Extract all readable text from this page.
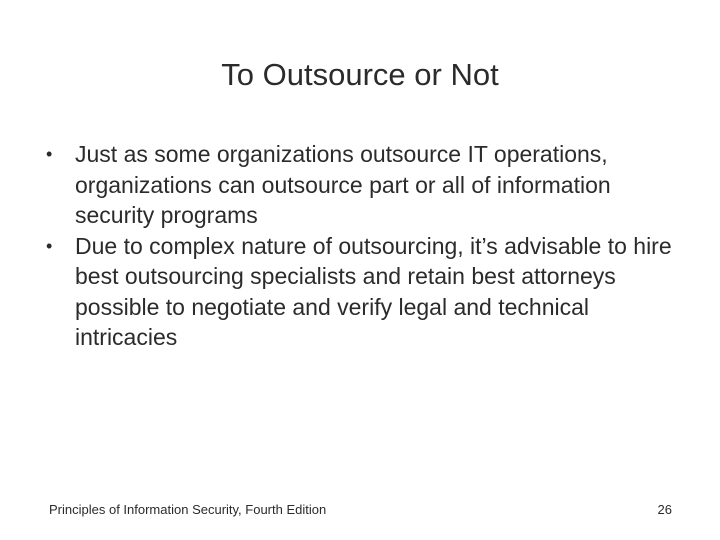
To Outsource or Not
• Just as some organizations outsource IT operations, organizations can outsource part or all of information security programs
• Due to complex nature of outsourcing, it’s advisable to hire best outsourcing specialists and retain best attorneys possible to negotiate and verify legal and technical intricacies
Principles of Information Security, Fourth Edition	26
